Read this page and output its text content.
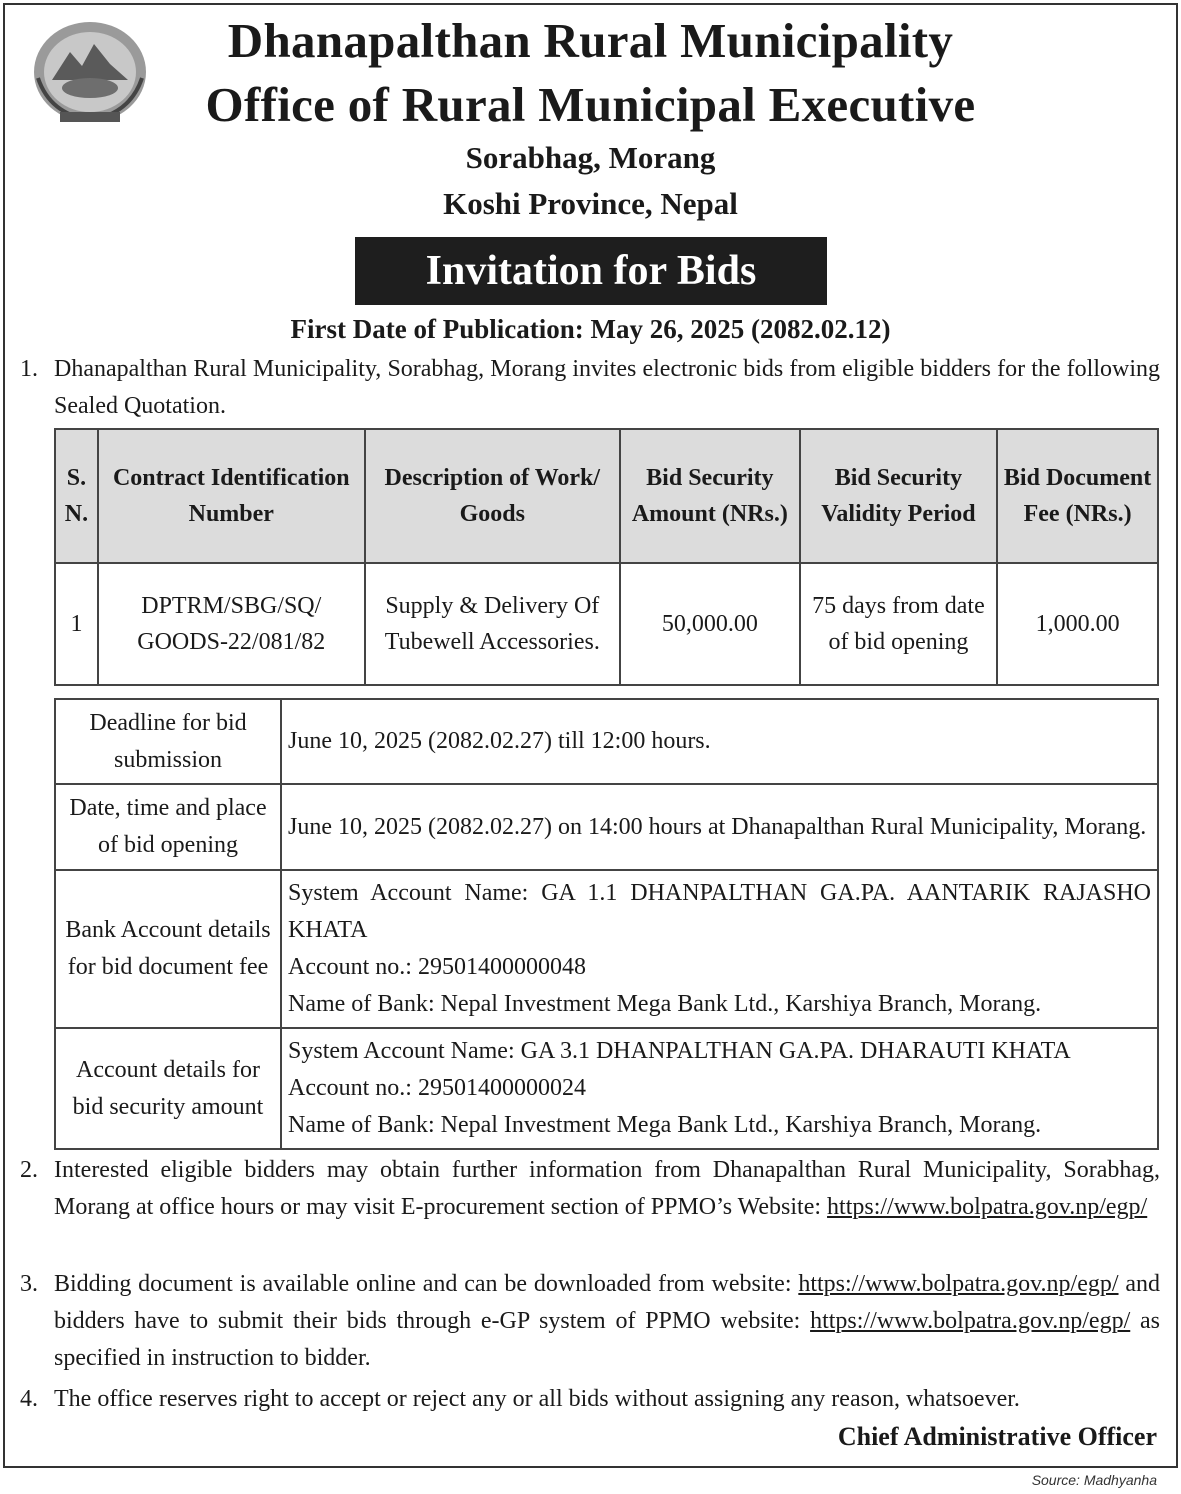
Dhanapalthan Rural Municipality
Office of Rural Municipal Executive
Sorabhag, Morang
Koshi Province, Nepal
Invitation for Bids
First Date of Publication: May 26, 2025 (2082.02.12)
1. Dhanapalthan Rural Municipality, Sorabhag, Morang invites electronic bids from eligible bidders for the following Sealed Quotation.
S. N.	Contract Identification Number	Description of Work/ Goods	Bid Security Amount (NRs.)	Bid Security Validity Period	Bid Document Fee (NRs.)
1	DPTRM/SBG/SQ/ GOODS-22/081/82	Supply & Delivery Of Tubewell Accessories.	50,000.00	75 days from date of bid opening	1,000.00
Deadline for bid submission	June 10, 2025 (2082.02.27) till 12:00 hours.
Date, time and place of bid opening	June 10, 2025 (2082.02.27) on 14:00 hours at Dhanapalthan Rural Municipality, Morang.
Bank Account details for bid document fee	System Account Name: GA 1.1 DHANPALTHAN GA.PA. AANTARIK RAJASHO KHATA
Account no.: 29501400000048
Name of Bank: Nepal Investment Mega Bank Ltd., Karshiya Branch, Morang.

Account details for bid security amount	System Account Name: GA 3.1 DHANPALTHAN GA.PA. DHARAUTI KHATA
Account no.: 29501400000024
Name of Bank: Nepal Investment Mega Bank Ltd., Karshiya Branch, Morang.
2. Interested eligible bidders may obtain further information from Dhanapalthan Rural Municipality, Sorabhag, Morang at office hours or may visit E-procurement section of PPMO’s Website: https://www.bolpatra.gov.np/egp/
3. Bidding document is available online and can be downloaded from website: https://www.bolpatra.gov.np/egp/ and bidders have to submit their bids through e-GP system of PPMO website: https://www.bolpatra.gov.np/egp/ as specified in instruction to bidder.
4. The office reserves right to accept or reject any or all bids without assigning any reason, whatsoever.
Chief Administrative Officer
Source: Madhyanha
